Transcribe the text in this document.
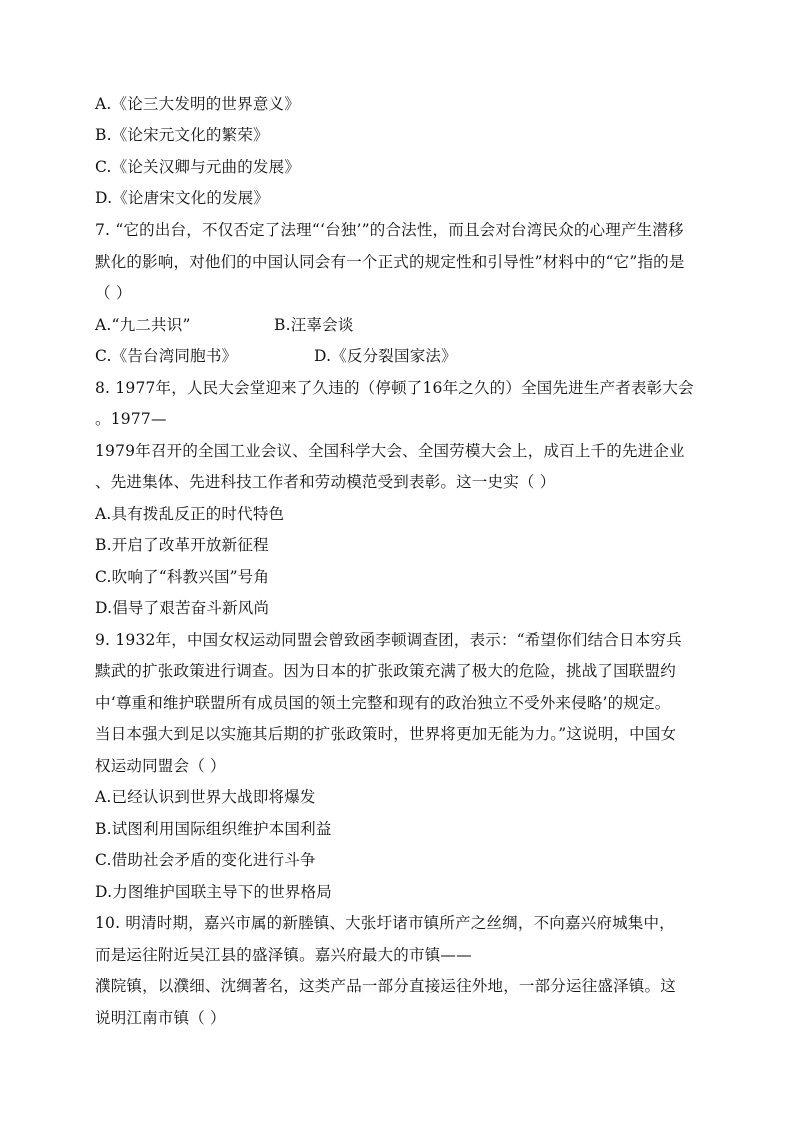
A.《论三大发明的世界意义》
B.《论宋元文化的繁荣》
C.《论关汉卿与元曲的发展》
D.《论唐宋文化的发展》
7. “它的出台，不仅否定了法理“‘台独’”的合法性，而且会对台湾民众的心理产生潜移
默化的影响，对他们的中国认同会有一个正式的规定性和引导性”材料中的“它”指的是
（ ）
A.“九二共识”	B.汪辜会谈
C.《告台湾同胞书》	D.《反分裂国家法》
8. 1977年，人民大会堂迎来了久违的（停顿了16年之久的）全国先进生产者表彰大会
。1977—
1979年召开的全国工业会议、全国科学大会、全国劳模大会上，成百上千的先进企业
、先进集体、先进科技工作者和劳动模范受到表彰。这一史实（ ）
A.具有拨乱反正的时代特色
B.开启了改革开放新征程
C.吹响了“科教兴国”号角
D.倡导了艰苦奋斗新风尚
9. 1932年，中国女权运动同盟会曾致函李顿调查团，表示：“希望你们结合日本穷兵
黩武的扩张政策进行调查。因为日本的扩张政策充满了极大的危险，挑战了国联盟约
中‘尊重和维护联盟所有成员国的领土完整和现有的政治独立不受外来侵略’的规定。
当日本强大到足以实施其后期的扩张政策时，世界将更加无能为力。”这说明，中国女
权运动同盟会（ ）
A.已经认识到世界大战即将爆发
B.试图利用国际组织维护本国利益
C.借助社会矛盾的变化进行斗争
D.力图维护国联主导下的世界格局
10. 明清时期，嘉兴市属的新塍镇、大张圩诸市镇所产之丝绸，不向嘉兴府城集中，
而是运往附近吴江县的盛泽镇。嘉兴府最大的市镇——
濮院镇，以濮细、沈绸著名，这类产品一部分直接运往外地，一部分运往盛泽镇。这
说明江南市镇（ ）
